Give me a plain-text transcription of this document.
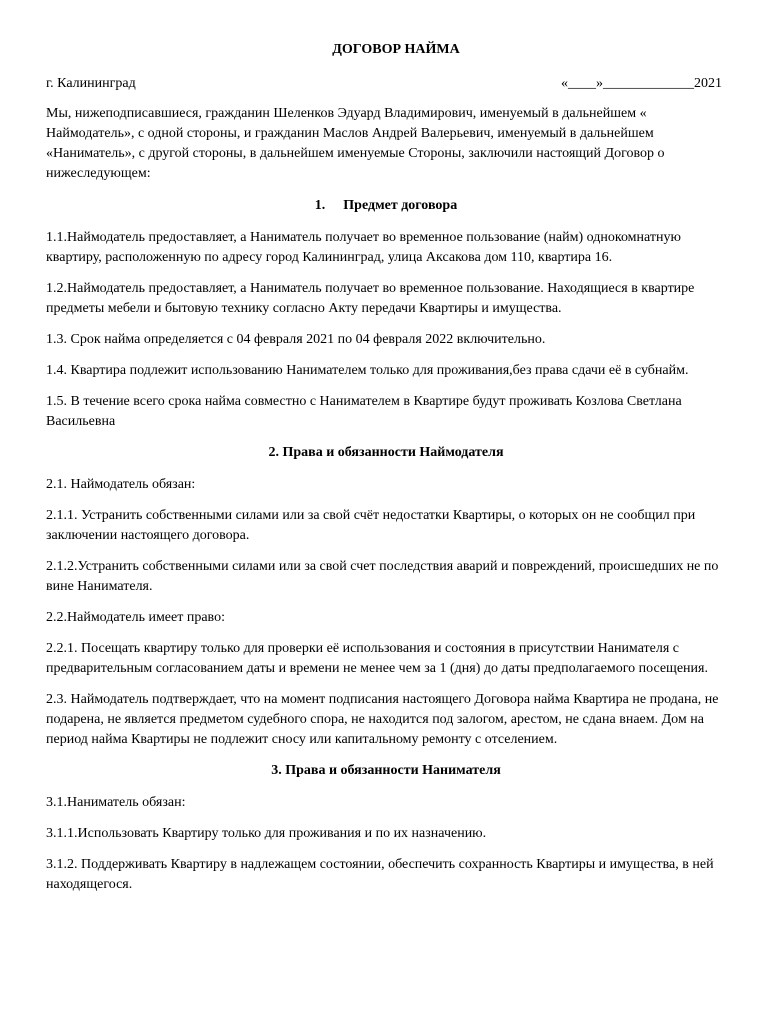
ДОГОВОР НАЙМА
г. Калининград	«____»_____________2021

Мы, нижеподписавшиеся, гражданин Шеленков Эдуард Владимирович, именуемый в дальнейшем « Наймодатель», с одной стороны, и гражданин Маслов Андрей Валерьевич, именуемый в дальнейшем «Наниматель», с другой стороны, в дальнейшем именуемые Стороны, заключили настоящий Договор о нижеследующем:

1. Предмет договора

1.1.Наймодатель предоставляет, а Наниматель получает во временное пользование (найм) однокомнатную квартиру, расположенную по адресу город Калининград, улица Аксакова дом 110, квартира 16.

1.2.Наймодатель предоставляет, а Наниматель получает во временное пользование. Находящиеся в квартире предметы мебели и бытовую технику согласно Акту передачи Квартиры и имущества.

1.3. Срок найма определяется с 04 февраля 2021 по 04 февраля 2022 включительно.

1.4. Квартира подлежит использованию Нанимателем только для проживания,без права сдачи её в субнайм.

1.5. В течение всего срока найма совместно с Нанимателем в Квартире будут проживать Козлова Светлана Васильевна

2. Права и обязанности Наймодателя

2.1. Наймодатель обязан:

2.1.1. Устранить собственными силами или за свой счёт недостатки Квартиры, о которых он не сообщил при заключении настоящего договора.

2.1.2.Устранить собственными силами или за свой счет последствия аварий и повреждений, происшедших не по вине Нанимателя.

2.2.Наймодатель имеет право:

2.2.1. Посещать квартиру только для проверки её использования и состояния в присутствии Нанимателя с предварительным согласованием даты и времени не менее чем за 1 (дня) до даты предполагаемого посещения.

2.3. Наймодатель подтверждает, что на момент подписания настоящего Договора найма Квартира не продана, не подарена, не является предметом судебного спора, не находится под залогом, арестом, не сдана внаем. Дом на период найма Квартиры не подлежит сносу или капитальному ремонту с отселением.

3. Права и обязанности Нанимателя

3.1.Наниматель обязан:

3.1.1.Использовать Квартиру только для проживания и по их назначению.

3.1.2. Поддерживать Квартиру в надлежащем состоянии, обеспечить сохранность Квартиры и имущества, в ней находящегося.
